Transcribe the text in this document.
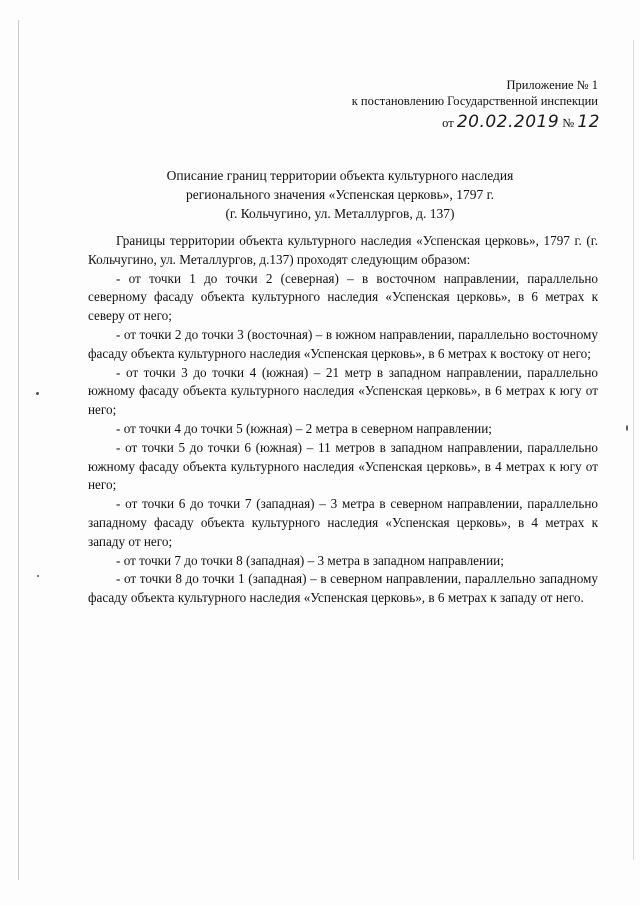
Приложение № 1
к постановлению Государственной инспекции
от 20.02.2019 № 12
Описание границ территории объекта культурного наследия
регионального значения «Успенская церковь», 1797 г.
(г. Кольчугино, ул. Металлургов, д. 137)

Границы территории объекта культурного наследия «Успенская церковь», 1797 г. (г. Кольчугино, ул. Металлургов, д.137) проходят следующим образом:

- от точки 1 до точки 2 (северная) – в восточном направлении, параллельно северному фасаду объекта культурного наследия «Успенская церковь», в 6 метрах к северу от него;

- от точки 2 до точки 3 (восточная) – в южном направлении, параллельно восточному фасаду объекта культурного наследия «Успенская церковь», в 6 метрах к востоку от него;

- от точки 3 до точки 4 (южная) – 21 метр в западном направлении, параллельно южному фасаду объекта культурного наследия «Успенская церковь», в 6 метрах к югу от него;

- от точки 4 до точки 5 (южная) – 2 метра в северном направлении;

- от точки 5 до точки 6 (южная) – 11 метров в западном направлении, параллельно южному фасаду объекта культурного наследия «Успенская церковь», в 4 метрах к югу от него;

- от точки 6 до точки 7 (западная) – 3 метра в северном направлении, параллельно западному фасаду объекта культурного наследия «Успенская церковь», в 4 метрах к западу от него;

- от точки 7 до точки 8 (западная) – 3 метра в западном направлении;

- от точки 8 до точки 1 (западная) – в северном направлении, параллельно западному фасаду объекта культурного наследия «Успенская церковь», в 6 метрах к западу от него.
